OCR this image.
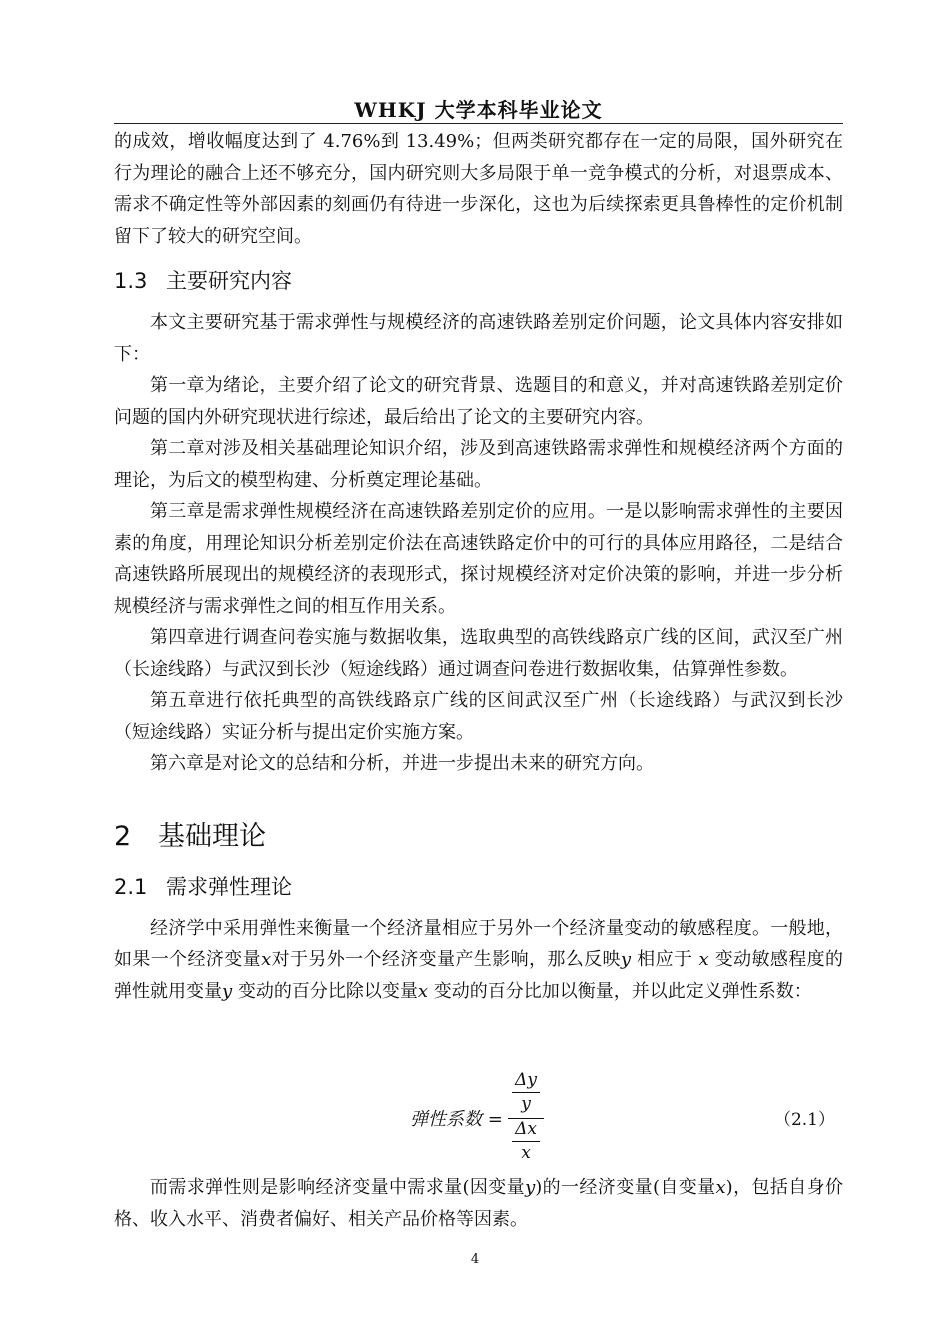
WHKJ 大学本科毕业论文

的成效，增收幅度达到了 4.76%到 13.49%；但两类研究都存在一定的局限，国外研究在行为理论的融合上还不够充分，国内研究则大多局限于单一竞争模式的分析，对退票成本、需求不确定性等外部因素的刻画仍有待进一步深化，这也为后续探索更具鲁棒性的定价机制留下了较大的研究空间。

1.3 主要研究内容

本文主要研究基于需求弹性与规模经济的高速铁路差别定价问题，论文具体内容安排如下：

第一章为绪论，主要介绍了论文的研究背景、选题目的和意义，并对高速铁路差别定价问题的国内外研究现状进行综述，最后给出了论文的主要研究内容。

第二章对涉及相关基础理论知识介绍，涉及到高速铁路需求弹性和规模经济两个方面的理论，为后文的模型构建、分析奠定理论基础。

第三章是需求弹性规模经济在高速铁路差别定价的应用。一是以影响需求弹性的主要因素的角度，用理论知识分析差别定价法在高速铁路定价中的可行的具体应用路径，二是结合高速铁路所展现出的规模经济的表现形式，探讨规模经济对定价决策的影响，并进一步分析规模经济与需求弹性之间的相互作用关系。

第四章进行调查问卷实施与数据收集，选取典型的高铁线路京广线的区间，武汉至广州（长途线路）与武汉到长沙（短途线路）通过调查问卷进行数据收集，估算弹性参数。

第五章进行依托典型的高铁线路京广线的区间武汉至广州（长途线路）与武汉到长沙（短途线路）实证分析与提出定价实施方案。

第六章是对论文的总结和分析，并进一步提出未来的研究方向。

2 基础理论
2.1 需求弹性理论

经济学中采用弹性来衡量一个经济量相应于另外一个经济量变动的敏感程度。一般地，如果一个经济变量x对于另外一个经济变量产生影响，那么反映y 相应于 x 变动敏感程度的弹性就用变量y 变动的百分比除以变量x 变动的百分比加以衡量，并以此定义弹性系数：

弹性系数 =
Δy
y
Δx
x
（2.1）

而需求弹性则是影响经济变量中需求量(因变量y)的一经济变量(自变量x)，包括自身价格、收入水平、消费者偏好、相关产品价格等因素。

4
